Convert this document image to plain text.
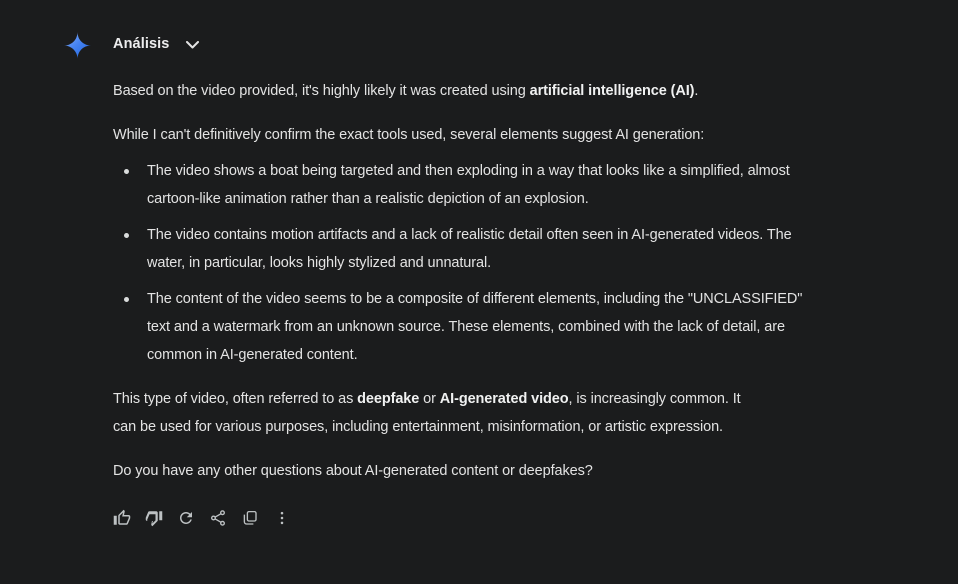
Análisis

Based on the video provided, it's highly likely it was created using artificial intelligence (AI).

While I can't definitively confirm the exact tools used, several elements suggest AI generation:

The video shows a boat being targeted and then exploding in a way that looks like a simplified, almost cartoon-like animation rather than a realistic depiction of an explosion.
The video contains motion artifacts and a lack of realistic detail often seen in AI-generated videos. The water, in particular, looks highly stylized and unnatural.
The content of the video seems to be a composite of different elements, including the "UNCLASSIFIED" text and a watermark from an unknown source. These elements, combined with the lack of detail, are common in AI-generated content.

This type of video, often referred to as deepfake or AI-generated video, is increasingly common. It can be used for various purposes, including entertainment, misinformation, or artistic expression.

Do you have any other questions about AI-generated content or deepfakes?
